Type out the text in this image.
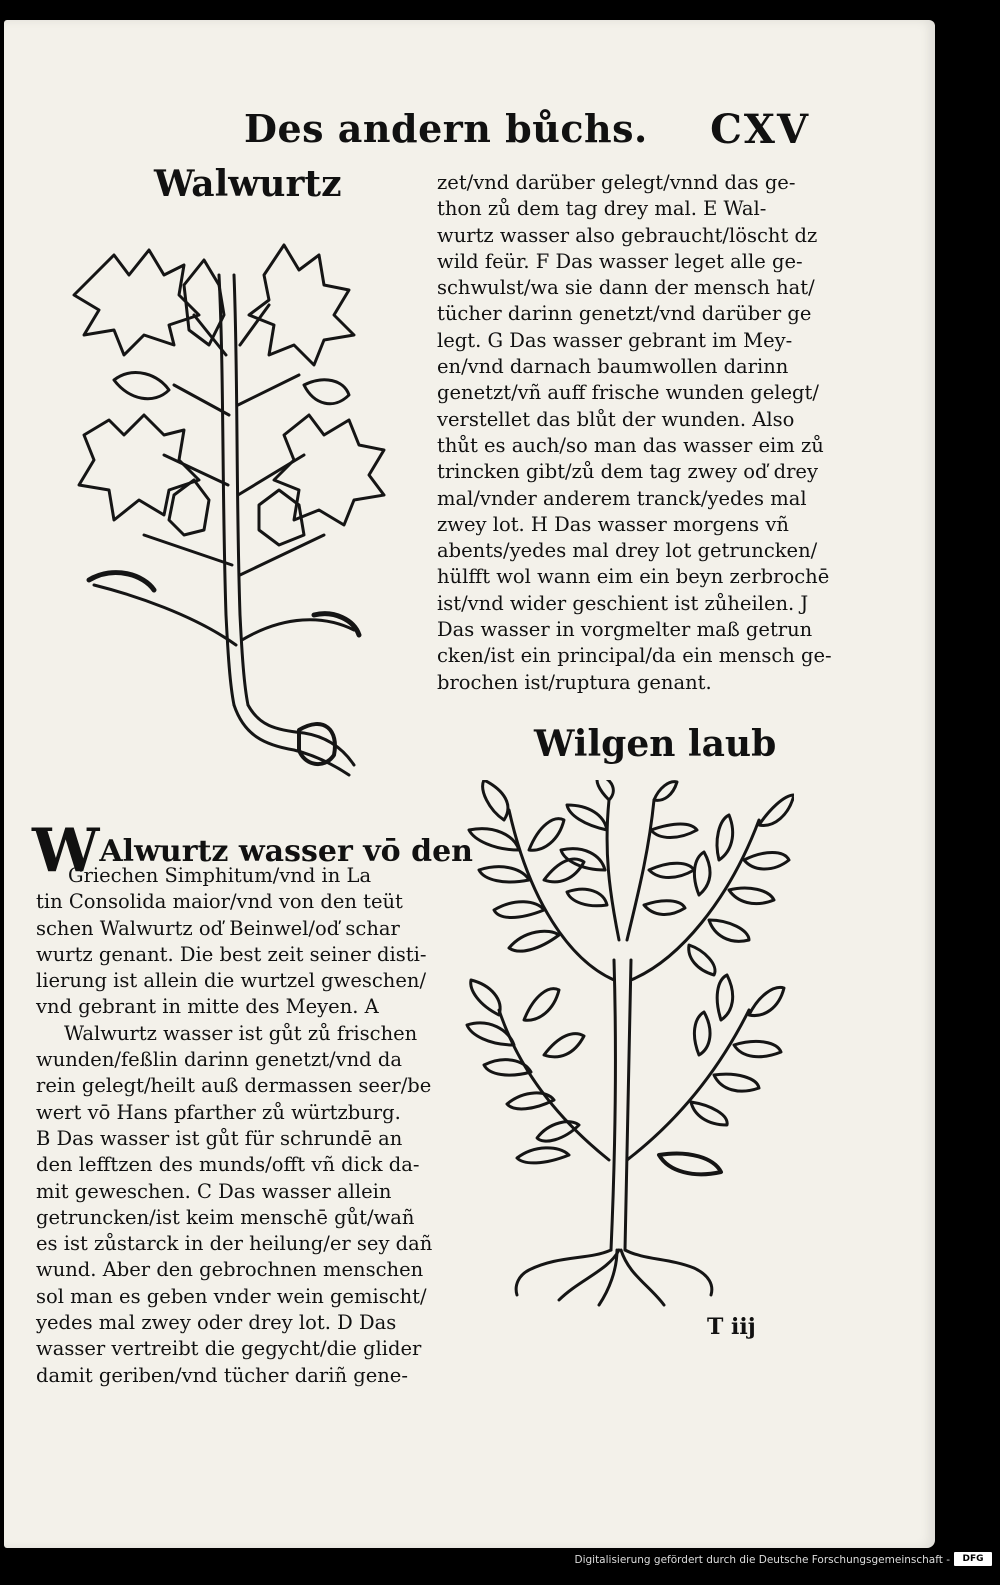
Des andern bůchs. CXV
Walwurtz	zet/vnd darüber gelegt/vnnd das ge-
thon zů dem tag drey mal. E Wal-
wurtz wasser also gebraucht/löscht dz
wild feür. F Das wasser leget alle ge-
schwulst/wa sie dann der mensch hat/
tücher darinn genetzt/vnd darüber ge
legt. G Das wasser gebrant im Mey-
en/vnd darnach baumwollen darinn
genetzt/vñ auff frische wunden gelegt/
verstellet das blůt der wunden. Also
thůt es auch/so man das wasser eim zů
trincken gibt/zů dem tag zwey oď drey
mal/vnder anderem tranck/yedes mal
zwey lot. H Das wasser morgens vñ
abents/yedes mal drey lot getruncken/
hülfft wol wann eim ein beyn zerbrochē
ist/vnd wider geschient ist zůheilen. J
Das wasser in vorgmelter maß getrun
cken/ist ein principal/da ein mensch ge-
brochen ist/ruptura genant.
Wilgen laub
WAlwurtz wasser vō den
Griechen Simphitum/vnd in La
tin Consolida maior/vnd von den teüt
schen Walwurtz oď Beinwel/oď schar
wurtz genant. Die best zeit seiner disti-
lierung ist allein die wurtzel gweschen/
vnd gebrant in mitte des Meyen. A
Walwurtz wasser ist gůt zů frischen
wunden/feßlin darinn genetzt/vnd da
rein gelegt/heilt auß dermassen seer/be
wert vō Hans pfarther zů würtzburg.
B Das wasser ist gůt für schrundē an
den lefftzen des munds/offt vñ dick da-
mit geweschen. C Das wasser allein
getruncken/ist keim menschē gůt/wañ
es ist zůstarck in der heilung/er sey dañ
wund. Aber den gebrochnen menschen
sol man es geben vnder wein gemischt/
yedes mal zwey oder drey lot. D Das
wasser vertreibt die gegycht/die glider
damit geriben/vnd tücher dariñ gene-
T iij
Digitalisierung gefördert durch die Deutsche Forschungsgemeinschaft -	DFG
